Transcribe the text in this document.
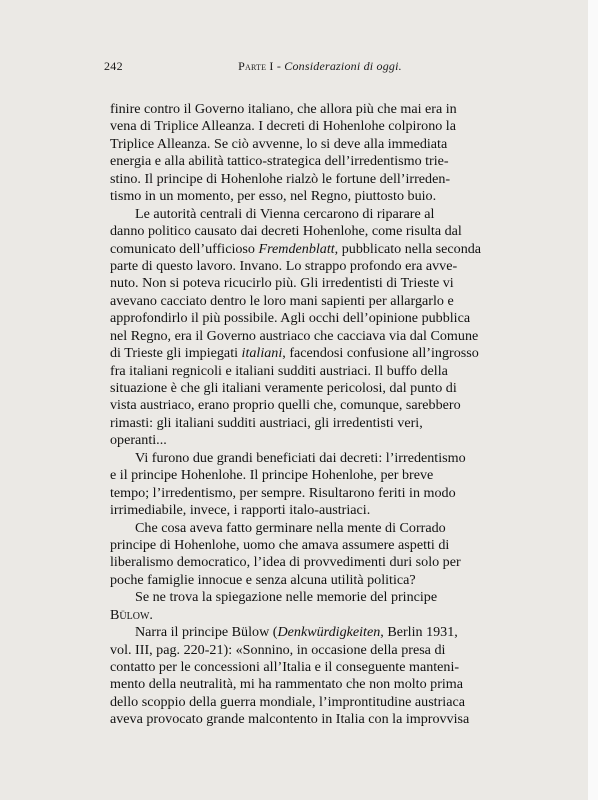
242	Parte I - Considerazioni di oggi.
finire contro il Governo italiano, che allora più che mai era in
vena di Triplice Alleanza. I decreti di Hohenlohe colpirono la
Triplice Alleanza. Se ciò avvenne, lo si deve alla immediata
energia e alla abilità tattico-strategica dell’irredentismo trie-
stino. Il principe di Hohenlohe rialzò le fortune dell’irreden-
tismo in un momento, per esso, nel Regno, piuttosto buio.
Le autorità centrali di Vienna cercarono di riparare al
danno politico causato dai decreti Hohenlohe, come risulta dal
comunicato dell’ufficioso Fremdenblatt, pubblicato nella seconda
parte di questo lavoro. Invano. Lo strappo profondo era avve-
nuto. Non si poteva ricucirlo più. Gli irredentisti di Trieste vi
avevano cacciato dentro le loro mani sapienti per allargarlo e
approfondirlo il più possibile. Agli occhi dell’opinione pubblica
nel Regno, era il Governo austriaco che cacciava via dal Comune
di Trieste gli impiegati italiani, facendosi confusione all’ingrosso
fra italiani regnicoli e italiani sudditi austriaci. Il buffo della
situazione è che gli italiani veramente pericolosi, dal punto di
vista austriaco, erano proprio quelli che, comunque, sarebbero
rimasti: gli italiani sudditi austriaci, gli irredentisti veri,
operanti...
Vi furono due grandi beneficiati dai decreti: l’irredentismo
e il principe Hohenlohe. Il principe Hohenlohe, per breve
tempo; l’irredentismo, per sempre. Risultarono feriti in modo
irrimediabile, invece, i rapporti italo-austriaci.
Che cosa aveva fatto germinare nella mente di Corrado
principe di Hohenlohe, uomo che amava assumere aspetti di
liberalismo democratico, l’idea di provvedimenti duri solo per
poche famiglie innocue e senza alcuna utilità politica?
Se ne trova la spiegazione nelle memorie del principe
Bülow.
Narra il principe Bülow (Denkwürdigkeiten, Berlin 1931,
vol. III, pag. 220-21): «Sonnino, in occasione della presa di
contatto per le concessioni all’Italia e il conseguente manteni-
mento della neutralità, mi ha rammentato che non molto prima
dello scoppio della guerra mondiale, l’improntitudine austriaca
aveva provocato grande malcontento in Italia con la improvvisa
